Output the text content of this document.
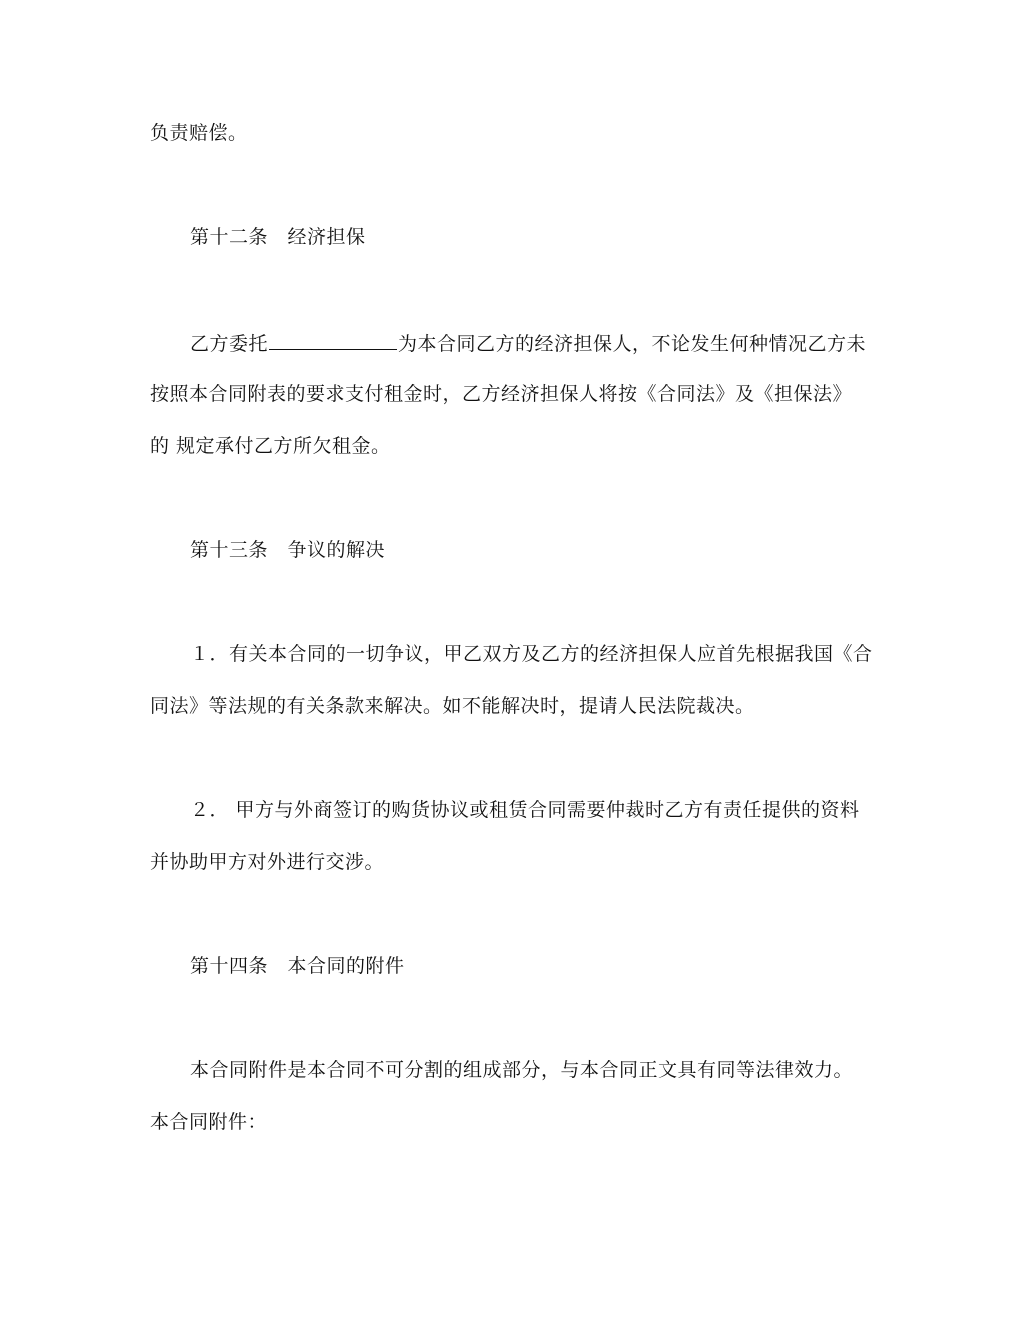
负责赔偿。
第十二条　经济担保
乙方委托	为本合同乙方的经济担保人，不论发生何种情况乙方未
按照本合同附表的要求支付租金时，乙方经济担保人将按《合同法》及《担保法》
的 规定承付乙方所欠租金。
第十三条　争议的解决
１．有关本合同的一切争议，甲乙双方及乙方的经济担保人应首先根据我国《合
同法》等法规的有关条款来解决。如不能解决时，提请人民法院裁决。
２． 甲方与外商签订的购货协议或租赁合同需要仲裁时乙方有责任提供的资料
并协助甲方对外进行交涉。
第十四条　本合同的附件
本合同附件是本合同不可分割的组成部分，与本合同正文具有同等法律效力。
本合同附件：
